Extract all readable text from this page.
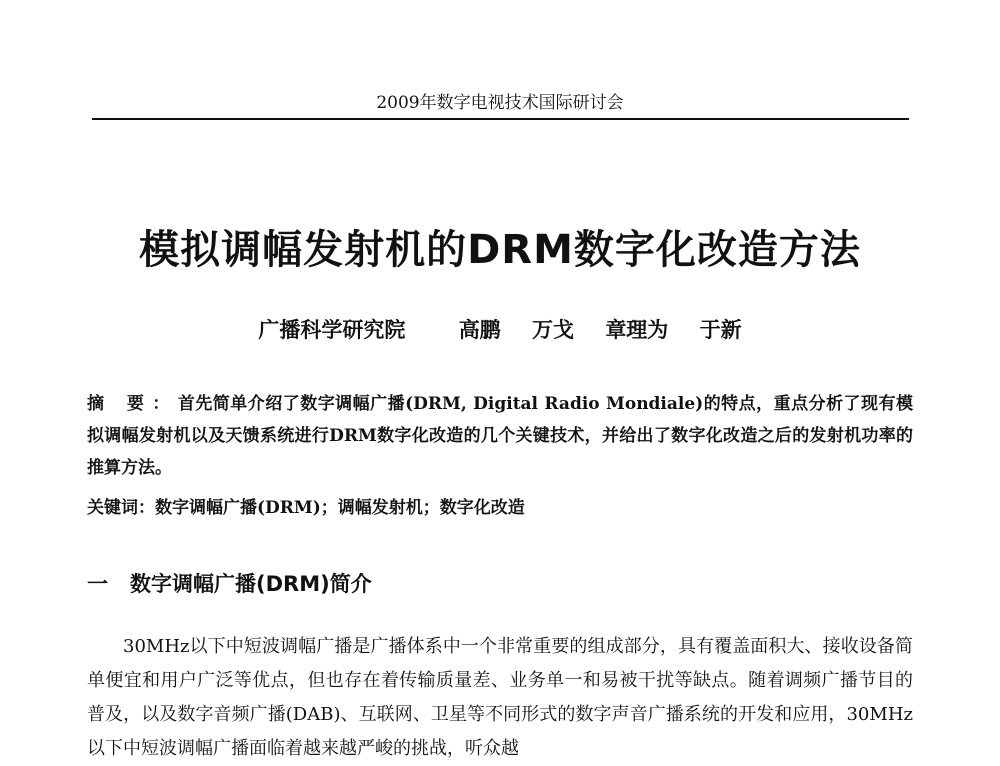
2009年数字电视技术国际研讨会
模拟调幅发射机的DRM数字化改造方法
广播科学研究院	高鹏 万戈 章理为 于新
摘 要：首先简单介绍了数字调幅广播(DRM, Digital Radio Mondiale)的特点，重点分析了现有模拟调幅发射机以及天馈系统进行DRM数字化改造的几个关键技术，并给出了数字化改造之后的发射机功率的推算方法。
关键词：数字调幅广播(DRM)；调幅发射机；数字化改造
一 数字调幅广播(DRM)简介
30MHz以下中短波调幅广播是广播体系中一个非常重要的组成部分，具有覆盖面积大、接收设备简单便宜和用户广泛等优点，但也存在着传输质量差、业务单一和易被干扰等缺点。随着调频广播节目的普及，以及数字音频广播(DAB)、互联网、卫星等不同形式的数字声音广播系统的开发和应用，30MHz以下中短波调幅广播面临着越来越严峻的挑战，听众越
